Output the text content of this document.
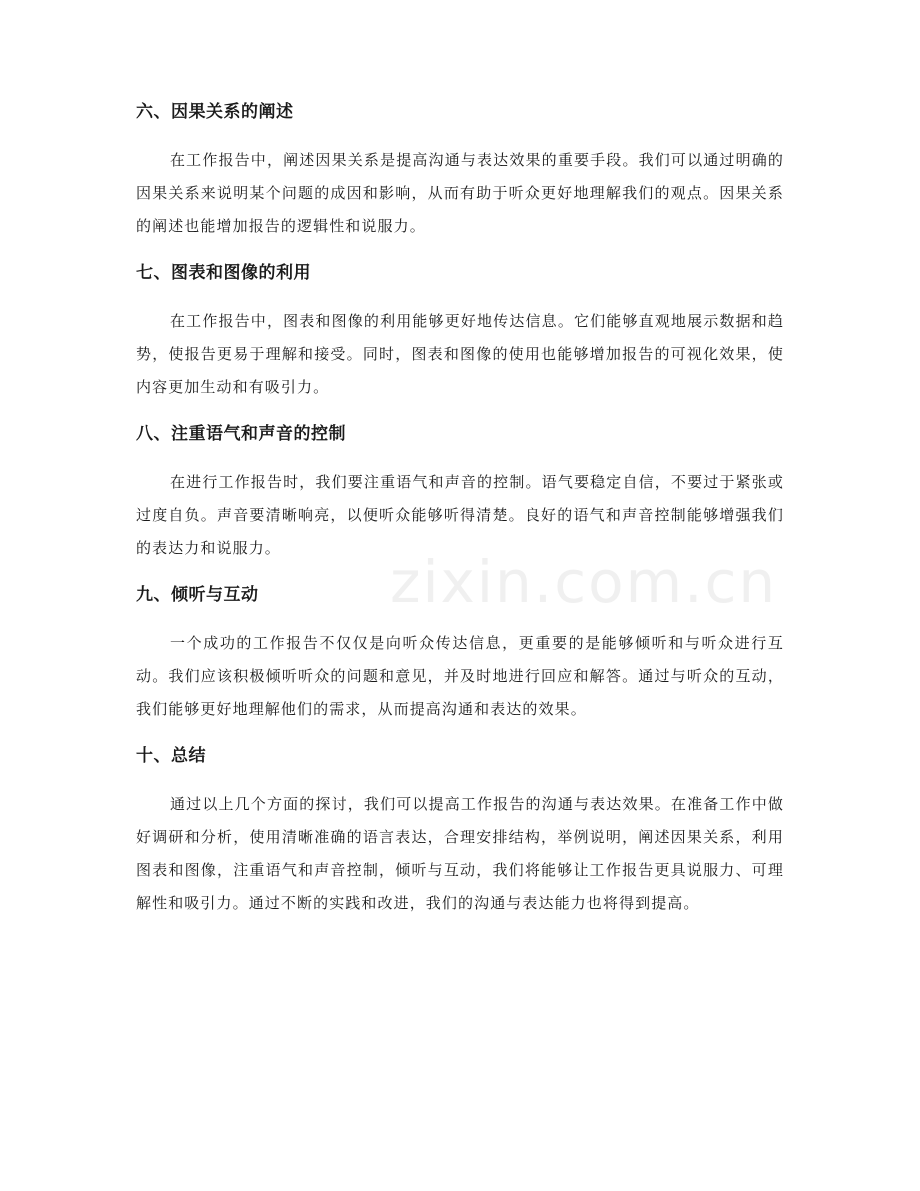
六、因果关系的阐述

在工作报告中，阐述因果关系是提高沟通与表达效果的重要手段。我们可以通过明确的因果关系来说明某个问题的成因和影响，从而有助于听众更好地理解我们的观点。因果关系的阐述也能增加报告的逻辑性和说服力。

七、图表和图像的利用

在工作报告中，图表和图像的利用能够更好地传达信息。它们能够直观地展示数据和趋势，使报告更易于理解和接受。同时，图表和图像的使用也能够增加报告的可视化效果，使内容更加生动和有吸引力。

八、注重语气和声音的控制

在进行工作报告时，我们要注重语气和声音的控制。语气要稳定自信，不要过于紧张或过度自负。声音要清晰响亮，以便听众能够听得清楚。良好的语气和声音控制能够增强我们的表达力和说服力。

九、倾听与互动

一个成功的工作报告不仅仅是向听众传达信息，更重要的是能够倾听和与听众进行互动。我们应该积极倾听听众的问题和意见，并及时地进行回应和解答。通过与听众的互动，我们能够更好地理解他们的需求，从而提高沟通和表达的效果。

十、总结

通过以上几个方面的探讨，我们可以提高工作报告的沟通与表达效果。在准备工作中做好调研和分析，使用清晰准确的语言表达，合理安排结构，举例说明，阐述因果关系，利用图表和图像，注重语气和声音控制，倾听与互动，我们将能够让工作报告更具说服力、可理解性和吸引力。通过不断的实践和改进，我们的沟通与表达能力也将得到提高。

zixin.com.cn
